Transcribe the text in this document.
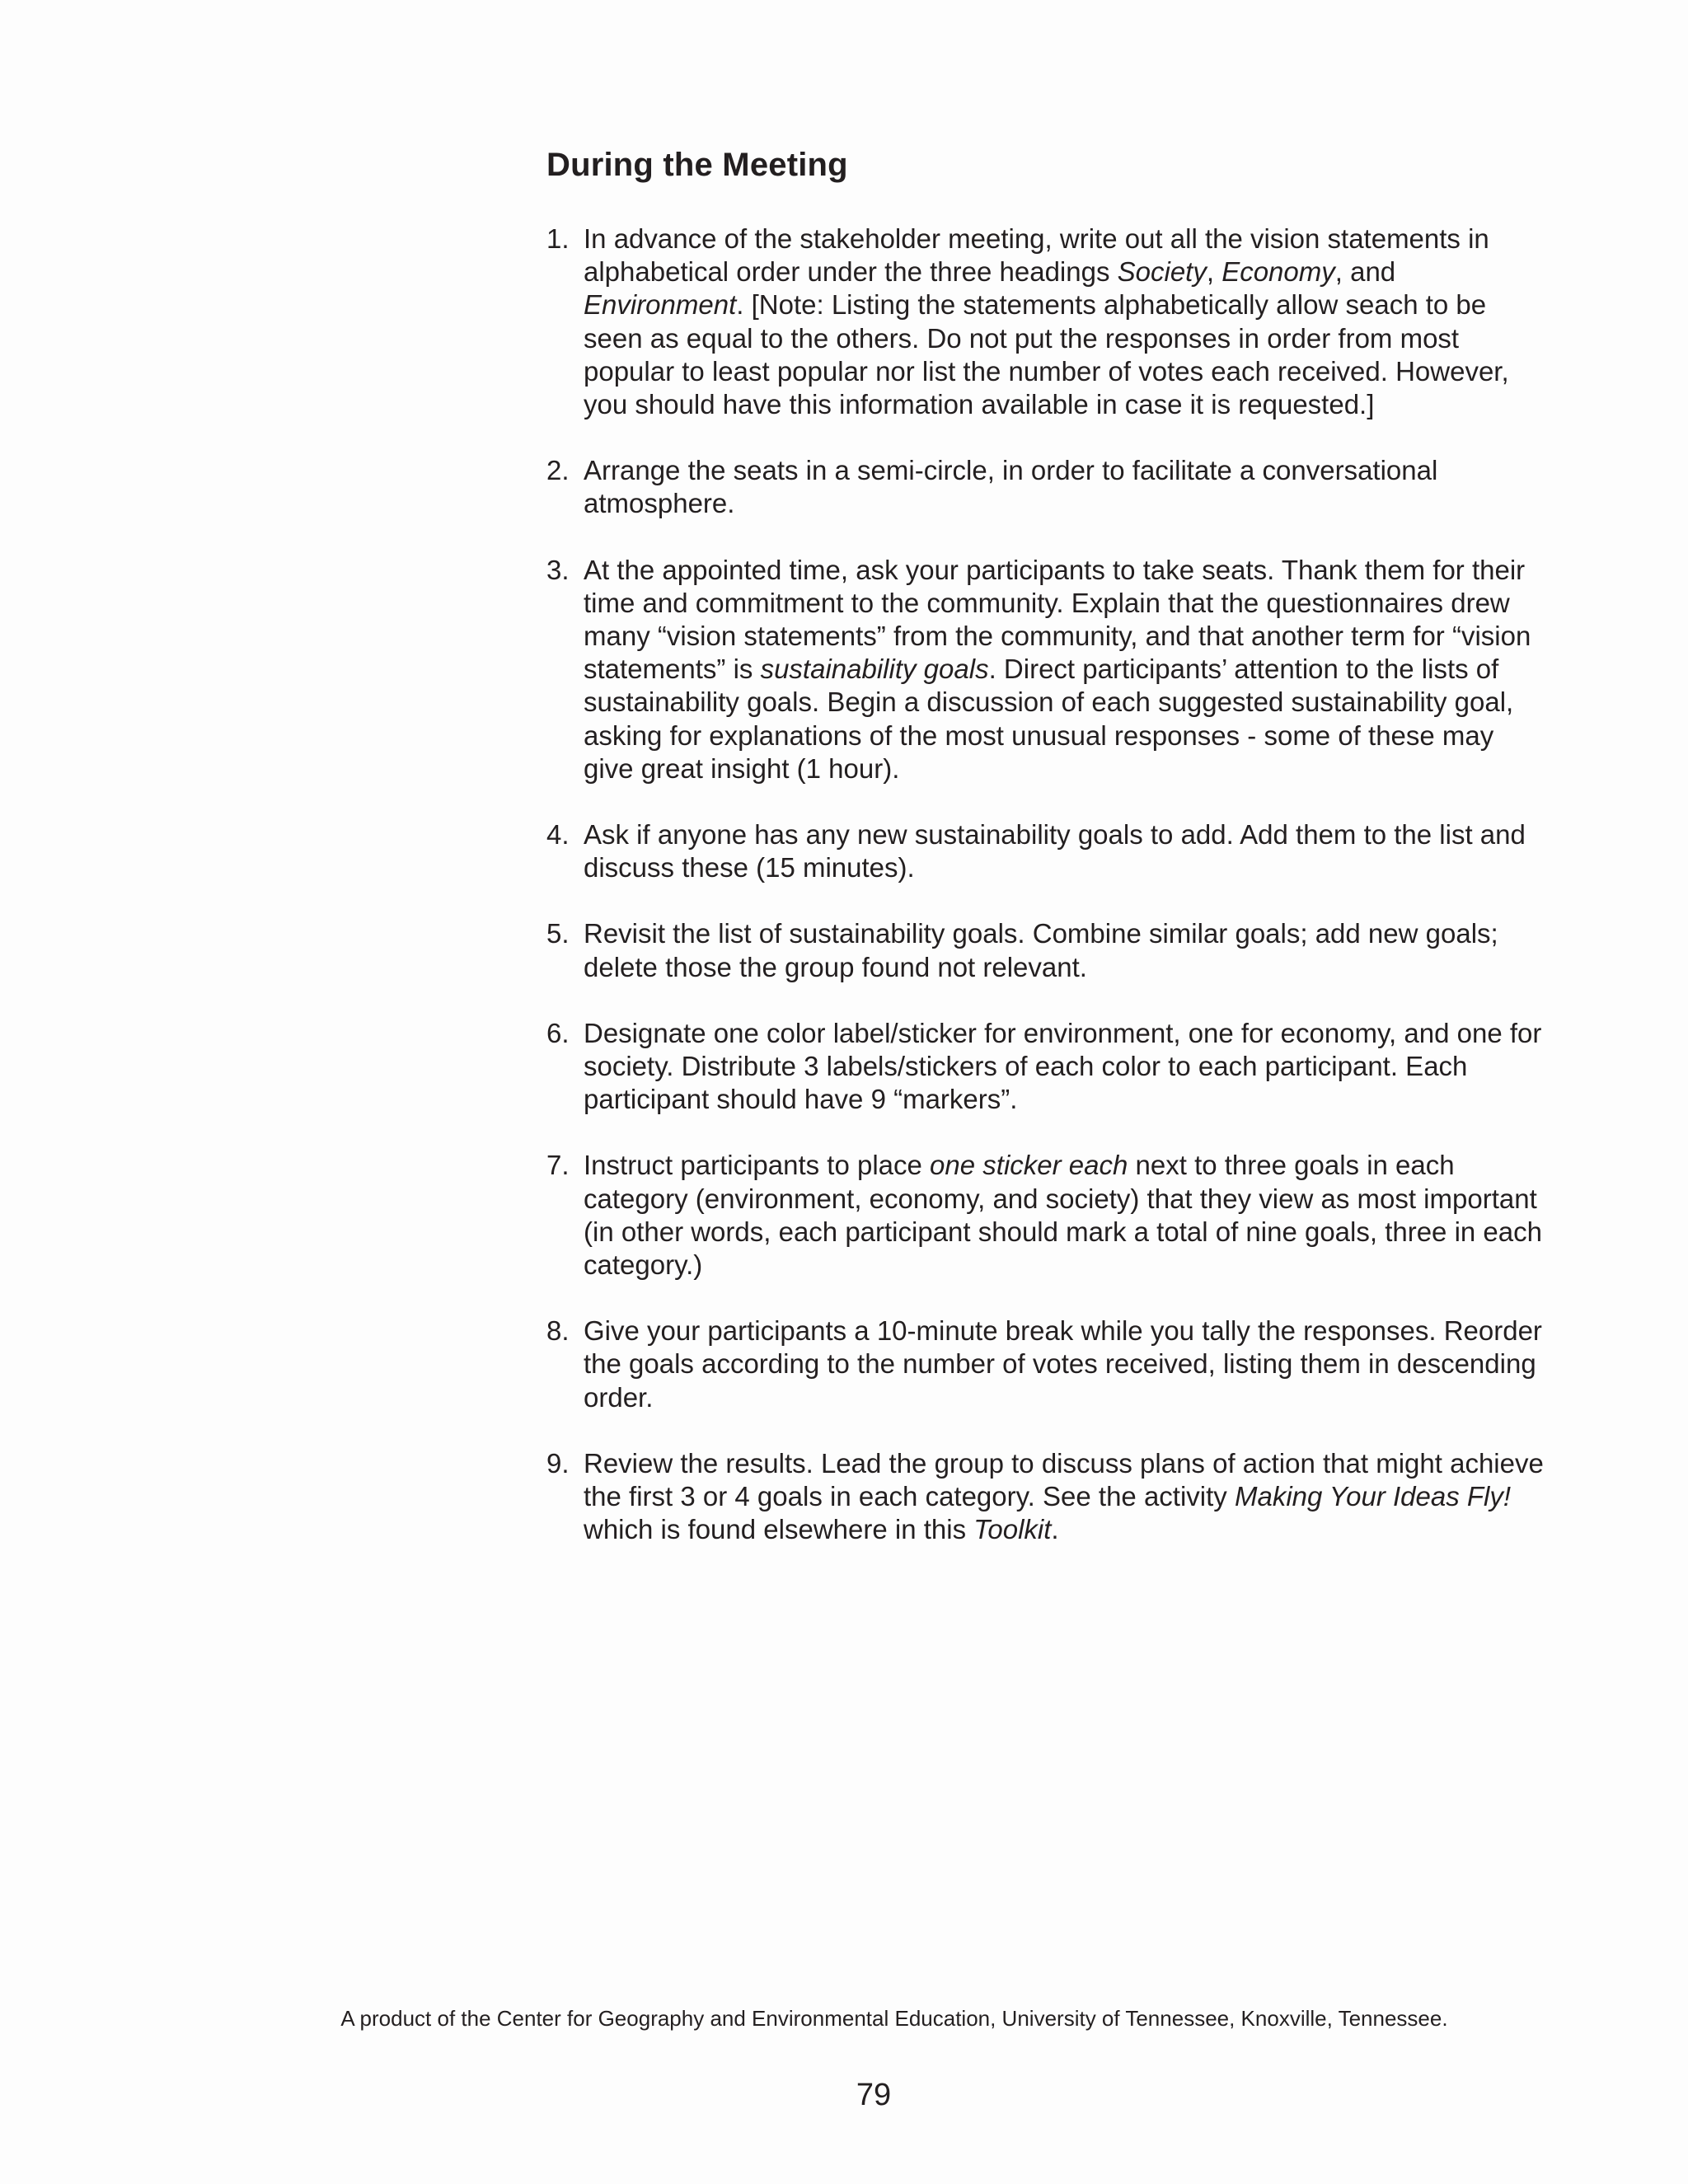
During the Meeting
1. In advance of the stakeholder meeting, write out all the vision statements in alphabetical order under the three headings Society, Economy, and Environment. [Note: Listing the statements alphabetically allow seach to be seen as equal to the others. Do not put the responses in order from most popular to least popular nor list the number of votes each received. However, you should have this information available in case it is requested.]
2. Arrange the seats in a semi-circle, in order to facilitate a conversational atmosphere.
3. At the appointed time, ask your participants to take seats. Thank them for their time and commitment to the community. Explain that the questionnaires drew many “vision statements” from the community, and that another term for “vision statements” is sustainability goals. Direct participants’ attention to the lists of sustainability goals. Begin a discussion of each suggested sustainability goal, asking for explanations of the most unusual responses - some of these may give great insight (1 hour).
4. Ask if anyone has any new sustainability goals to add. Add them to the list and discuss these (15 minutes).
5. Revisit the list of sustainability goals. Combine similar goals; add new goals; delete those the group found not relevant.
6. Designate one color label/sticker for environment, one for economy, and one for society. Distribute 3 labels/stickers of each color to each participant. Each participant should have 9 “markers”.
7. Instruct participants to place one sticker each next to three goals in each category (environment, economy, and society) that they view as most important (in other words, each participant should mark a total of nine goals, three in each category.)
8. Give your participants a 10-minute break while you tally the responses. Reorder the goals according to the number of votes received, listing them in descending order.
9. Review the results. Lead the group to discuss plans of action that might achieve the first 3 or 4 goals in each category. See the activity Making Your Ideas Fly! which is found elsewhere in this Toolkit.
A product of the Center for Geography and Environmental Education, University of Tennessee, Knoxville, Tennessee.
79
